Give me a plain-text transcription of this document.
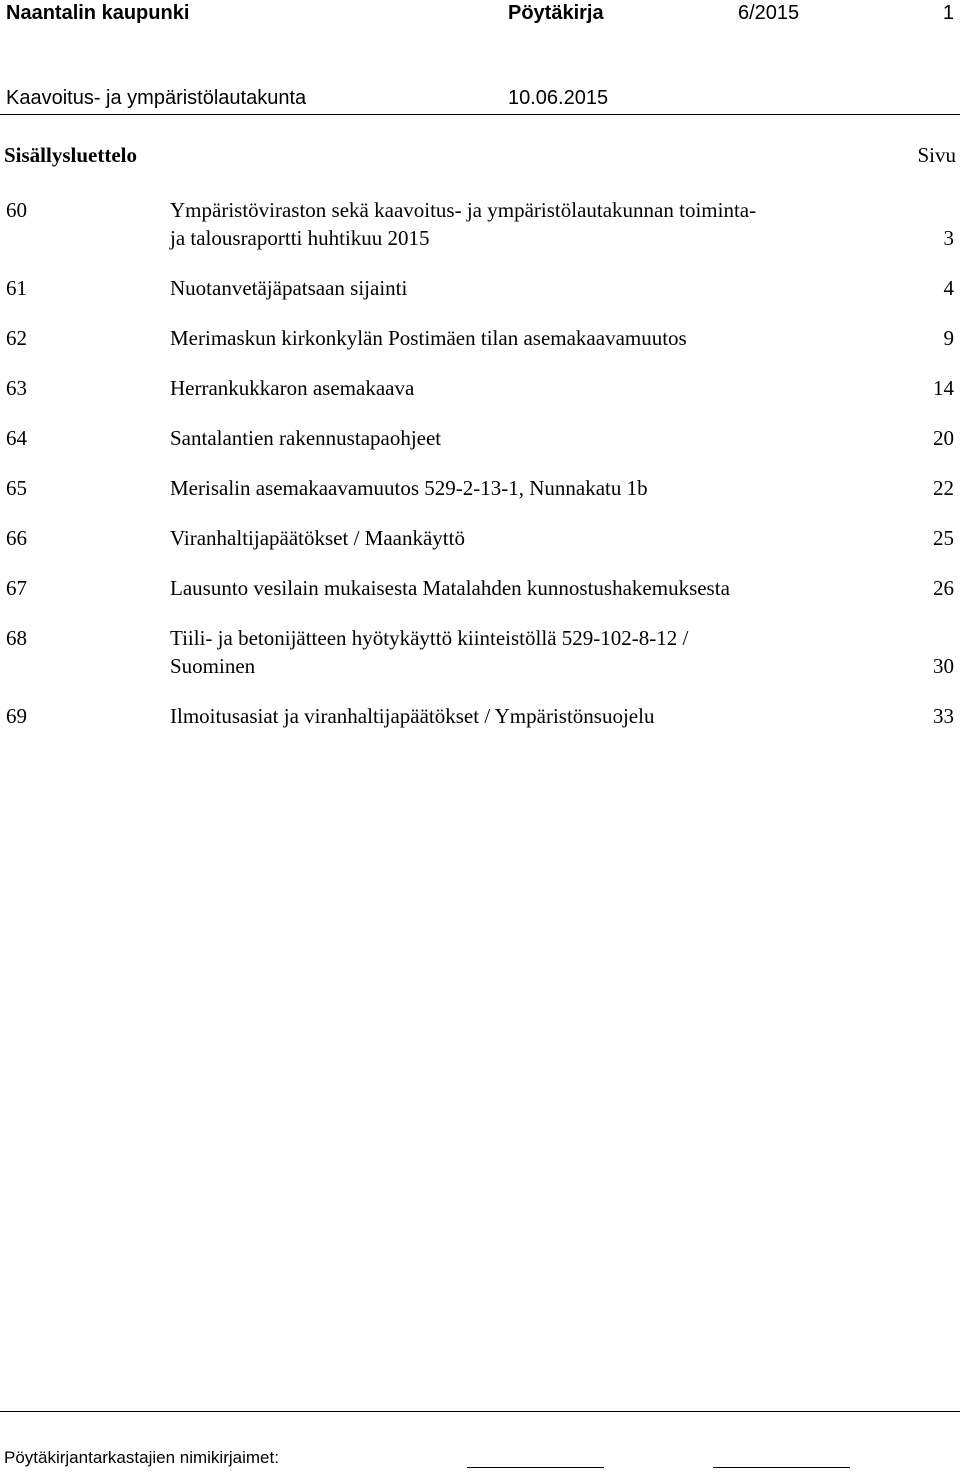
Naantalin kaupunki	Pöytäkirja	6/2015	1
Kaavoitus- ja ympäristölautakunta	10.06.2015
Sisällysluettelo	Sivu
60	Ympäristöviraston sekä kaavoitus- ja ympäristölautakunnan toiminta-
ja talousraportti huhtikuu 2015	3
61	Nuotanvetäjäpatsaan sijainti	4
62	Merimaskun kirkonkylän Postimäen tilan asemakaavamuutos	9
63	Herrankukkaron asemakaava	14
64	Santalantien rakennustapaohjeet	20
65	Merisalin asemakaavamuutos 529-2-13-1, Nunnakatu 1b	22
66	Viranhaltijapäätökset / Maankäyttö	25
67	Lausunto vesilain mukaisesta Matalahden kunnostushakemuksesta	26
68	Tiili- ja betonijätteen hyötykäyttö kiinteistöllä 529-102-8-12 /
Suominen	30
69	Ilmoitusasiat ja viranhaltijapäätökset / Ympäristönsuojelu	33
Pöytäkirjantarkastajien nimikirjaimet:
